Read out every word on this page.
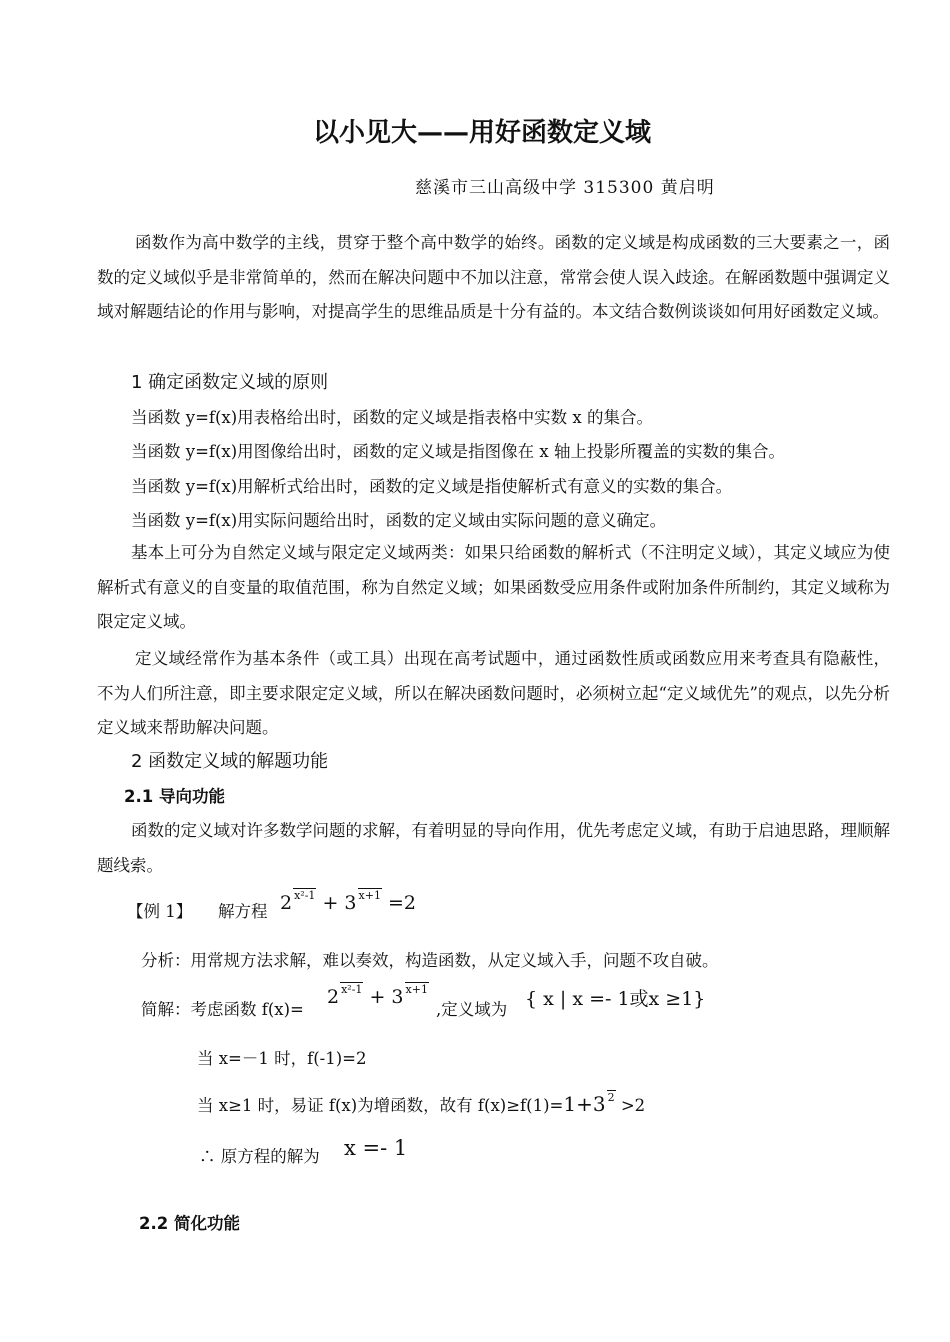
以小见大——用好函数定义域
慈溪市三山高级中学 315300 黄启明
函数作为高中数学的主线，贯穿于整个高中数学的始终。函数的定义域是构成函数的三大要素之一，函数的定义域似乎是非常简单的，然而在解决问题中不加以注意，常常会使人误入歧途。在解函数题中强调定义域对解题结论的作用与影响，对提高学生的思维品质是十分有益的。本文结合数例谈谈如何用好函数定义域。
1 确定函数定义域的原则
当函数 y=f(x)用表格给出时，函数的定义域是指表格中实数 x 的集合。
当函数 y=f(x)用图像给出时，函数的定义域是指图像在 x 轴上投影所覆盖的实数的集合。
当函数 y=f(x)用解析式给出时，函数的定义域是指使解析式有意义的实数的集合。
当函数 y=f(x)用实际问题给出时，函数的定义域由实际问题的意义确定。
基本上可分为自然定义域与限定定义域两类：如果只给函数的解析式（不注明定义域），其定义域应为使解析式有意义的自变量的取值范围，称为自然定义域；如果函数受应用条件或附加条件所制约，其定义域称为限定定义域。
定义域经常作为基本条件（或工具）出现在高考试题中，通过函数性质或函数应用来考查具有隐蔽性，不为人们所注意，即主要求限定定义域，所以在解决函数问题时，必须树立起“定义域优先”的观点，以先分析定义域来帮助解决问题。
2 函数定义域的解题功能
2.1 导向功能
函数的定义域对许多数学问题的求解，有着明显的导向作用，优先考虑定义域，有助于启迪思路，理顺解题线索。
【例 1】 解方程 2 $^{x^2-1}$ + 3 $^{x+1}$ =2
分析：用常规方法求解，难以奏效，构造函数，从定义域入手，问题不攻自破。
简解：考虑函数 f(x)=
2 $^{x^2-1}$ + 3 $^{x+1}$
,定义域为 { x | x =- 1或x ≥1}
当 x=－1 时，f(-1)=2
当 x≥1 时，易证 f(x)为增函数，故有 f(x)≥f(1)=1+3 $^2$ >2
∴ 原方程的解为 x =- 1
2.2 简化功能
